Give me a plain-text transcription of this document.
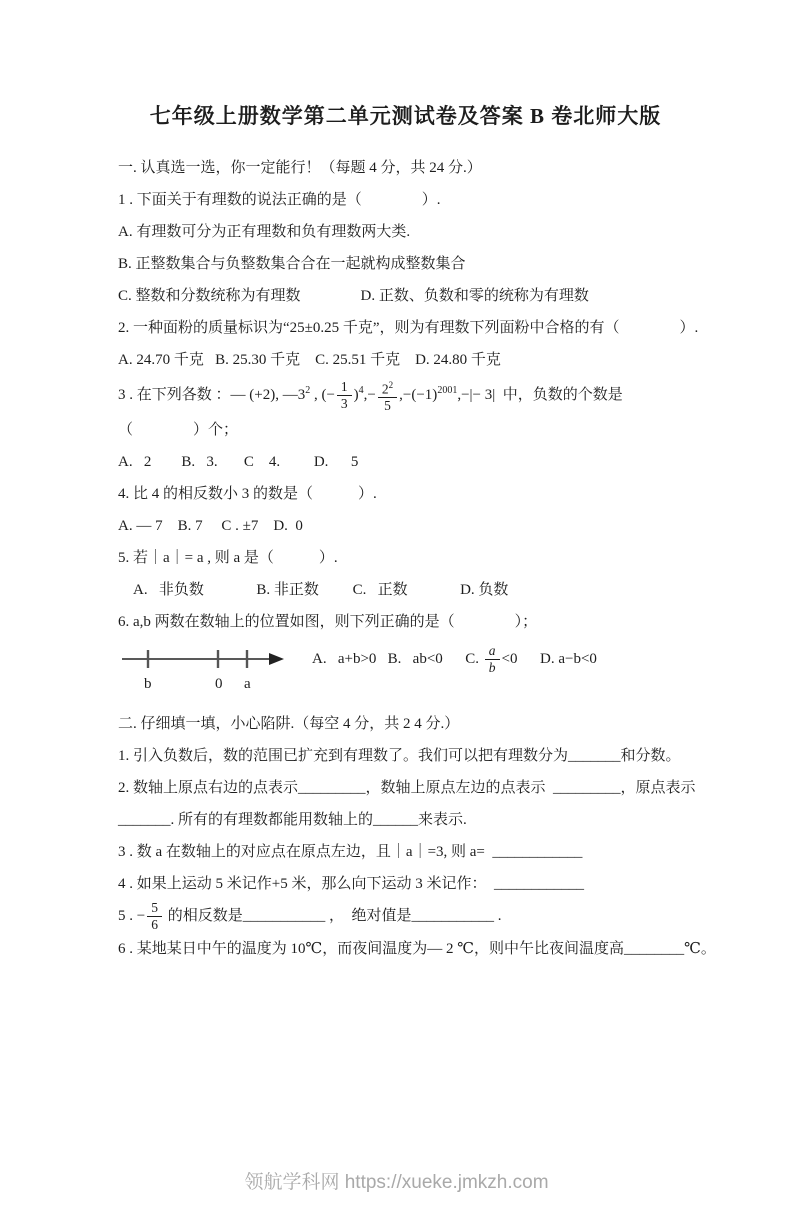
七年级上册数学第二单元测试卷及答案 B 卷北师大版

一. 认真选一选，你一定能行！（每题 4 分，共 24 分.）

1 . 下面关于有理数的说法正确的是（　　　　）.

A. 有理数可分为正有理数和负有理数两大类.

B. 正整数集合与负整数集合合在一起就构成整数集合

C. 整数和分数统称为有理数　　　　D. 正数、负数和零的统称为有理数

2. 一种面粉的质量标识为“25±0.25 千克”，则为有理数下列面粉中合格的有（　　　　）.

A. 24.70 千克   B. 25.30 千克    C. 25.51 千克    D. 24.80 千克

3 . 在下列各数 ：— (+2), $—3^2$ , (− $\frac{1}{3} )^4,- \frac{2^2}{5} ,-(-1)^{2001},-|- 3|$  中，负数的个数是

（　　　　）个；

A.   2        B.   3.       C    4.         D.      5

4. 比 4 的相反数小 3 的数是（　　　）.

A. — 7    B. 7     C . ±7    D.  0

5. 若｜a｜= a , 则 a 是（　　　）.

A.   非负数              B. 非正数         C.   正数              D. 负数

6. a,b 两数在数轴上的位置如图，则下列正确的是（　　　　）；

A.   a+b>0   B.   ab<0      C. $\frac{a}{b} <0$      D. a−b<0

b	0 a

二. 仔细填一填，小心陷阱.（每空 4 分，共 2 4 分.）

1. 引入负数后，数的范围已扩充到有理数了。我们可以把有理数分为_______和分数。

2. 数轴上原点右边的点表示_________，数轴上原点左边的点表示  _________，原点表示_______. 所有的有理数都能用数轴上的______来表示.

3 . 数 a 在数轴上的对应点在原点左边，且｜a｜=3, 则 a=  ____________

4 . 如果上运动 5 米记作+5 米，那么向下运动 3 米记作：  ____________

5 . − $\frac{5}{6}$ 的相反数是___________ ，  绝对值是___________ .

6 . 某地某日中午的温度为 10℃，而夜间温度为— 2 ℃，则中午比夜间温度高________℃。

领航学科网 https://xueke.jmkzh.com
